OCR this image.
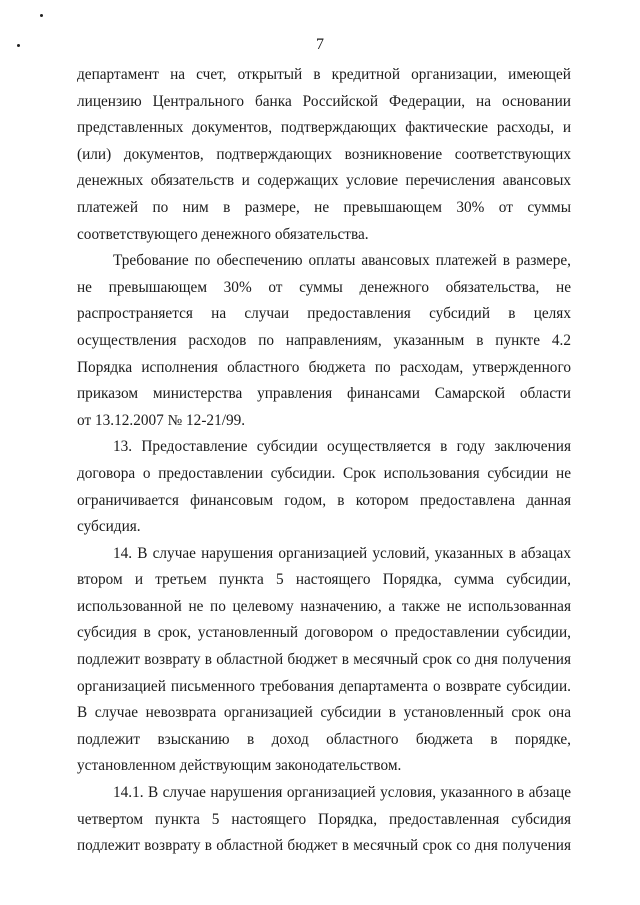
7

департамент на счет, открытый в кредитной организации, имеющей
лицензию Центрального банка Российской Федерации, на основании
представленных документов, подтверждающих фактические расходы, и
(или) документов, подтверждающих возникновение соответствующих
денежных обязательств и содержащих условие перечисления авансовых
платежей по ним в размере, не превышающем 30% от суммы
соответствующего денежного обязательства.

Требование по обеспечению оплаты авансовых платежей в размере,
не превышающем 30% от суммы денежного обязательства, не
распространяется на случаи предоставления субсидий в целях
осуществления расходов по направлениям, указанным в пункте 4.2
Порядка исполнения областного бюджета по расходам, утвержденного
приказом министерства управления финансами Самарской области
от 13.12.2007 № 12-21/99.

13. Предоставление субсидии осуществляется в году заключения
договора о предоставлении субсидии. Срок использования субсидии не
ограничивается финансовым годом, в котором предоставлена данная
субсидия.

14. В случае нарушения организацией условий, указанных в абзацах
втором и третьем пункта 5 настоящего Порядка, сумма субсидии,
использованной не по целевому назначению, а также не использованная
субсидия в срок, установленный договором о предоставлении субсидии,
подлежит возврату в областной бюджет в месячный срок со дня получения
организацией письменного требования департамента о возврате субсидии.
В случае невозврата организацией субсидии в установленный срок она
подлежит взысканию в доход областного бюджета в порядке,
установленном действующим законодательством.

14.1. В случае нарушения организацией условия, указанного в абзаце
четвертом пункта 5 настоящего Порядка, предоставленная субсидия
подлежит возврату в областной бюджет в месячный срок со дня получения
